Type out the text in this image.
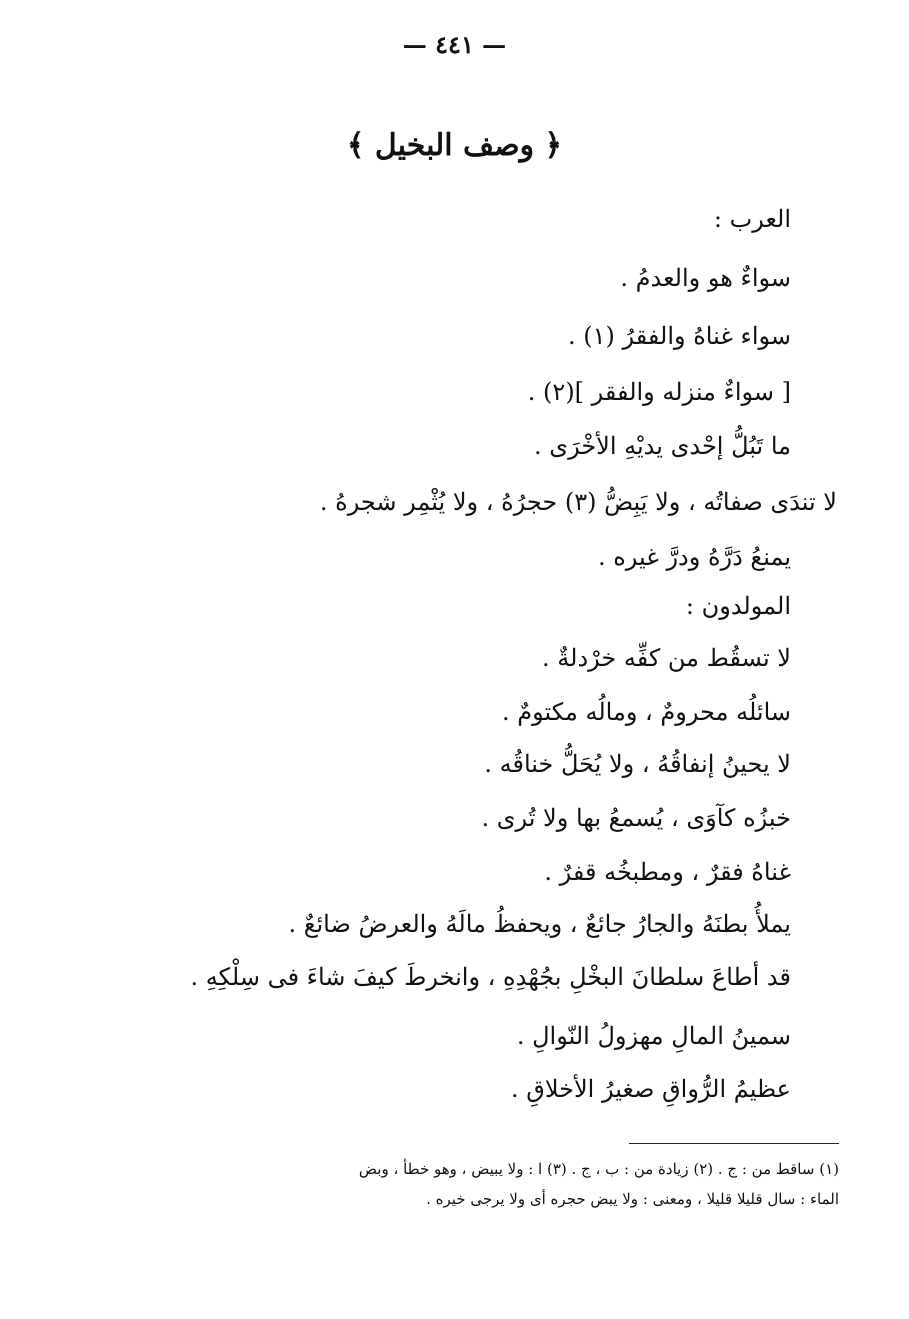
— ٤٤١ —
﴿ وصف البخيل ﴾
العرب :
سواءٌ هو والعدمُ .
سواء غناهُ والفقرُ (١) .
[ سواءٌ منزله والفقر ](٢) .
ما تَبُلُّ إحْدى يديْهِ الأخْرَى .
لا تندَى صفاتُه ، ولا يَبِضُّ (٣) حجرُهُ ، ولا يُثْمِر شجرهُ .
يمنعُ دَرَّهُ ودرَّ غيره .
المولدون :
لا تسقُط من كفِّه خرْدلةٌ .
سائلُه محرومٌ ، ومالُه مكتومٌ .
لا يحينُ إنفاقُهُ ، ولا يُحَلُّ خناقُه .
خبزُه كآوَى ، يُسمعُ بها ولا تُرى .
غناهُ فقرٌ ، ومطبخُه قفرٌ .
يملأُ بطنَهُ والجارُ جائعٌ ، ويحفظُ مالَهُ والعرضُ ضائعٌ .
قد أطاعَ سلطانَ البخْلِ بجُهْدِهِ ، وانخرطَ كيفَ شاءَ فى سِلْكِهِ .
سمينُ المالِ مهزولُ النّوالِ .
عظيمُ الرُّواقِ صغيرُ الأخلاقِ .
(١) ساقط من : ج . (٢) زيادة من : ب ، ج . (٣) ا : ولا يبيض ، وهو خطأ ، وبض
الماء : سال قليلا قليلا ، ومعنى : ولا يبض حجره أى ولا يرجى خيره .
